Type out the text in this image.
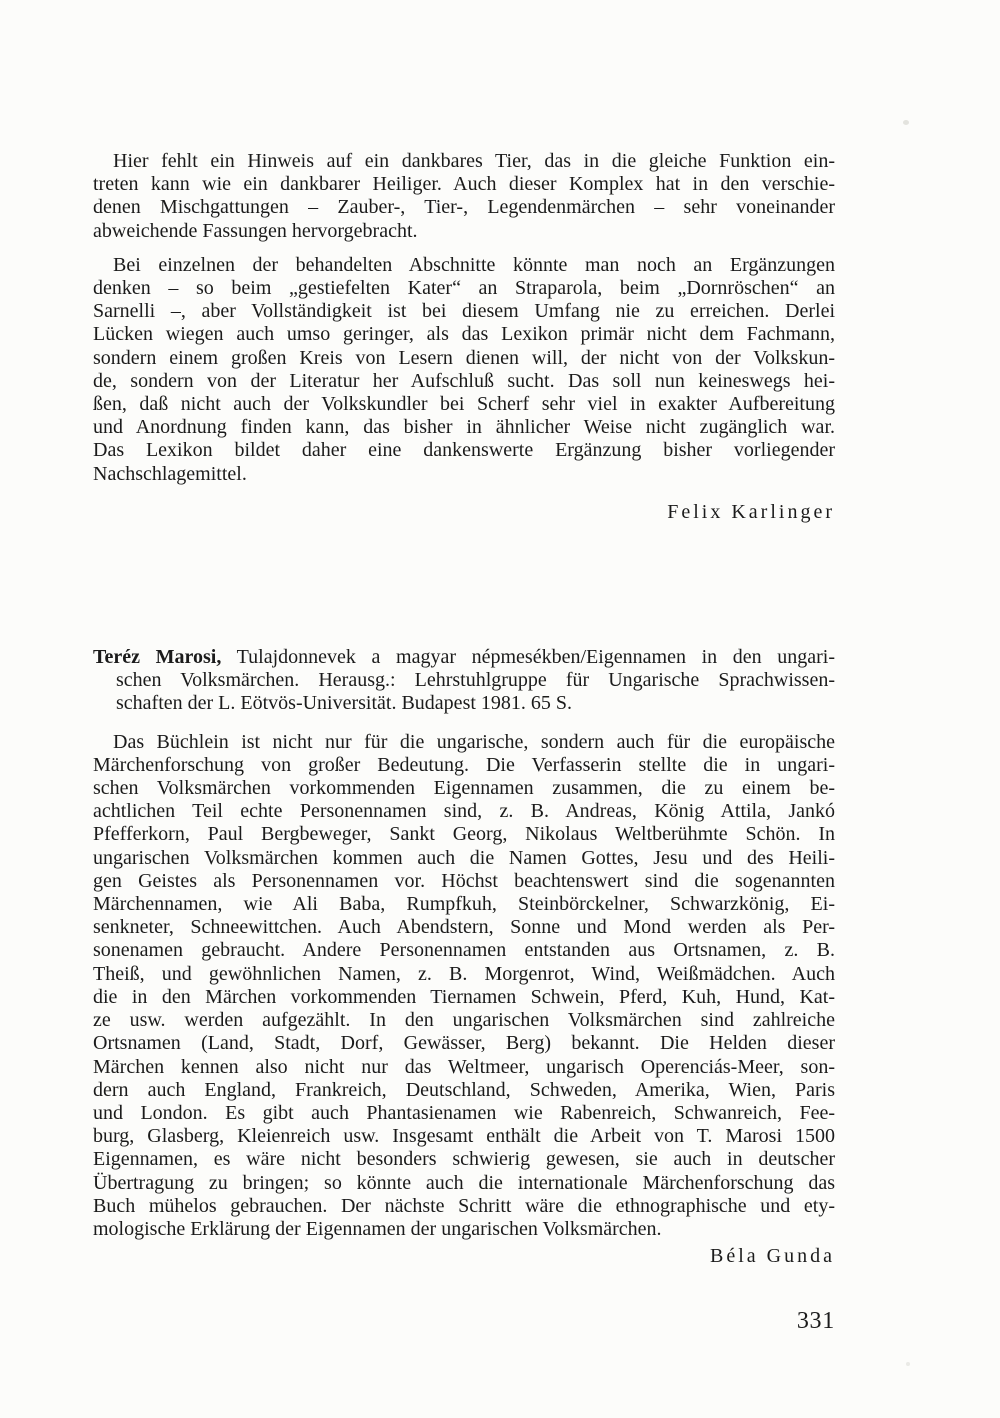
Hier fehlt ein Hinweis auf ein dankbares Tier, das in die gleiche Funktion ein-
treten kann wie ein dankbarer Heiliger. Auch dieser Komplex hat in den verschie-
denen Mischgattungen – Zauber-, Tier-, Legendenmärchen – sehr voneinander
abweichende Fassungen hervorgebracht.
Bei einzelnen der behandelten Abschnitte könnte man noch an Ergänzungen
denken – so beim „gestiefelten Kater“ an Straparola, beim „Dornröschen“ an
Sarnelli –, aber Vollständigkeit ist bei diesem Umfang nie zu erreichen. Derlei
Lücken wiegen auch umso geringer, als das Lexikon primär nicht dem Fachmann,
sondern einem großen Kreis von Lesern dienen will, der nicht von der Volkskun-
de, sondern von der Literatur her Aufschluß sucht. Das soll nun keineswegs hei-
ßen, daß nicht auch der Volkskundler bei Scherf sehr viel in exakter Aufbereitung
und Anordnung finden kann, das bisher in ähnlicher Weise nicht zugänglich war.
Das Lexikon bildet daher eine dankenswerte Ergänzung bisher vorliegender
Nachschlagemittel.
Felix Karlinger
Teréz Marosi, Tulajdonnevek a magyar népmesékben/Eigennamen in den ungari-
schen Volksmärchen. Herausg.: Lehrstuhlgruppe für Ungarische Sprachwissen-
schaften der L. Eötvös-Universität. Budapest 1981. 65 S.
Das Büchlein ist nicht nur für die ungarische, sondern auch für die europäische
Märchenforschung von großer Bedeutung. Die Verfasserin stellte die in ungari-
schen Volksmärchen vorkommenden Eigennamen zusammen, die zu einem be-
achtlichen Teil echte Personennamen sind, z. B. Andreas, König Attila, Jankó
Pfefferkorn, Paul Bergbeweger, Sankt Georg, Nikolaus Weltberühmte Schön. In
ungarischen Volksmärchen kommen auch die Namen Gottes, Jesu und des Heili-
gen Geistes als Personennamen vor. Höchst beachtenswert sind die sogenannten
Märchennamen, wie Ali Baba, Rumpfkuh, Steinbörckelner, Schwarzkönig, Ei-
senkneter, Schneewittchen. Auch Abendstern, Sonne und Mond werden als Per-
sonenamen gebraucht. Andere Personennamen entstanden aus Ortsnamen, z. B.
Theiß, und gewöhnlichen Namen, z. B. Morgenrot, Wind, Weißmädchen. Auch
die in den Märchen vorkommenden Tiernamen Schwein, Pferd, Kuh, Hund, Kat-
ze usw. werden aufgezählt. In den ungarischen Volksmärchen sind zahlreiche
Ortsnamen (Land, Stadt, Dorf, Gewässer, Berg) bekannt. Die Helden dieser
Märchen kennen also nicht nur das Weltmeer, ungarisch Operenciás-Meer, son-
dern auch England, Frankreich, Deutschland, Schweden, Amerika, Wien, Paris
und London. Es gibt auch Phantasienamen wie Rabenreich, Schwanreich, Fee-
burg, Glasberg, Kleienreich usw. Insgesamt enthält die Arbeit von T. Marosi 1500
Eigennamen, es wäre nicht besonders schwierig gewesen, sie auch in deutscher
Übertragung zu bringen; so könnte auch die internationale Märchenforschung das
Buch mühelos gebrauchen. Der nächste Schritt wäre die ethnographische und ety-
mologische Erklärung der Eigennamen der ungarischen Volksmärchen.
Béla Gunda
331
